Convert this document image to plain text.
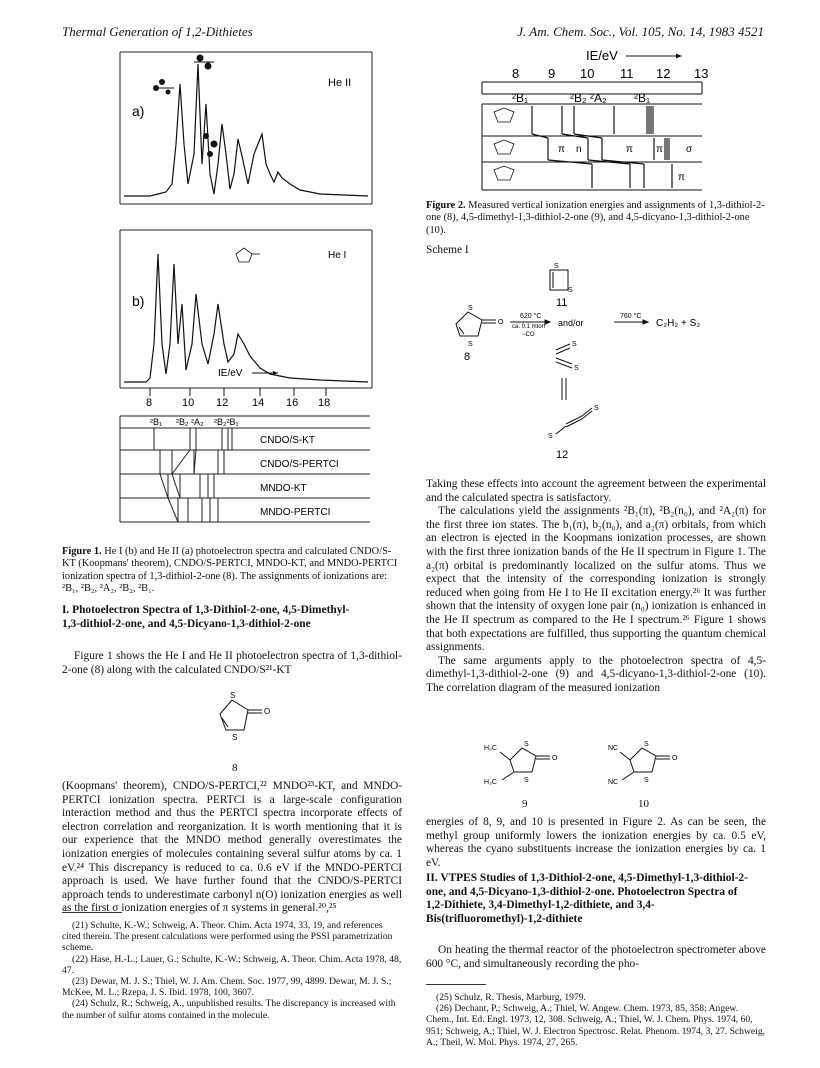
Thermal Generation of 1,2-Dithietes	J. Am. Chem. Soc., Vol. 105, No. 14, 1983 4521
He II
a)
He I
b)
IE/eV
8	10 12 14 16 18
²B₁ ²B₂ ²A₂ ²B₂²B₁
CNDO/S-KT
CNDO/S-PERTCI
MNDO-KT
MNDO-PERTCI
Figure 1. He I (b) and He II (a) photoelectron spectra and calculated CNDO/S-KT (Koopmans' theorem), CNDO/S-PERTCI, MNDO-KT, and MNDO-PERTCI ionization spectra of 1,3-dithiol-2-one (8). The assignments of ionizations are: ²B₁, ²B₂, ²A₂, ²B₂, ²B₁.
I. Photoelectron Spectra of 1,3-Dithiol-2-one, 4,5-Dimethyl-1,3-dithiol-2-one, and 4,5-Dicyano-1,3-dithiol-2-one

Figure 1 shows the He I and He II photoelectron spectra of 1,3-dithiol-2-one (8) along with the calculated CNDO/S²¹-KT

S
S
O
8

(Koopmans' theorem), CNDO/S-PERTCI,²² MNDO²³-KT, and MNDO-PERTCI ionization spectra. PERTCI is a large-scale configuration interaction method and thus the PERTCI spectra incorporate effects of electron correlation and reorganization. It is worth mentioning that it is our experience that the MNDO method generally overestimates the ionization energies of molecules containing several sulfur atoms by ca. 1 eV.²⁴ This discrepancy is reduced to ca. 0.6 eV if the MNDO-PERTCI approach is used. We have further found that the CNDO/S-PERTCI approach tends to underestimate carbonyl n(O) ionization energies as well as the first σ ionization energies of π systems in general.²⁰,²⁵

(21) Schulte, K.-W.; Schweig, A. Theor. Chim. Acta 1974, 33, 19, and references cited therein. The present calculations were performed using the PSSI parametrization scheme.

(22) Hase, H.-L.; Lauer, G.; Schulte, K.-W.; Schweig, A. Theor. Chim. Acta 1978, 48, 47.

(23) Dewar, M. J. S.; Thiel, W. J. Am. Chem. Soc. 1977, 99, 4899. Dewar, M. J. S.; McKee, M. L.; Rzepa, J. S. Ibid. 1978, 100, 3607.

(24) Schulz, R.; Schweig, A., unpublished results. The discrepancy is increased with the number of sulfur atoms contained in the molecule.

IE/eV
8 9 10 11 12 13
²B₁	²B₂ ²A₂ ²B₁
π n	π π σ
π
Figure 2. Measured vertical ionization energies and assignments of 1,3-dithiol-2-one (8), 4,5-dimethyl-1,3-dithiol-2-one (9), and 4,5-dicyano-1,3-dithiol-2-one (10).
Scheme I
S
S
S
S
O
S
S
S
S
11
8
12
620 °C
ca. 0.1 mtorr
−CO
and/or
760 °C
C₂H₂ + S₂

Taking these effects into account the agreement between the experimental and the calculated spectra is satisfactory.

The calculations yield the assignments ²B₁(π), ²B₂(n₀), and ²A₂(π) for the first three ion states. The b₁(π), b₂(n₀), and a₂(π) orbitals, from which an electron is ejected in the Koopmans ionization processes, are shown with the first three ionization bands of the He II spectrum in Figure 1. The a₂(π) orbital is predominantly localized on the sulfur atoms. Thus we expect that the intensity of the corresponding ionization is strongly reduced when going from He I to He II excitation energy.²⁶ It was further shown that the intensity of oxygen lone pair (n₀) ionization is enhanced in the He II spectrum as compared to the He I spectrum.²⁶ Figure 1 shows that both expectations are fulfilled, thus supporting the quantum chemical assignments.

The same arguments apply to the photoelectron spectra of 4,5-dimethyl-1,3-dithiol-2-one (9) and 4,5-dicyano-1,3-dithiol-2-one (10). The correlation diagram of the measured ionization

H₃C
H₃C
S
S
O
NC
NC
S
S
O
9	10

energies of 8, 9, and 10 is presented in Figure 2. As can be seen, the methyl group uniformly lowers the ionization energies by ca. 0.5 eV, whereas the cyano substituents increase the ionization energies by ca. 1 eV.

II. VTPES Studies of 1,3-Dithiol-2-one, 4,5-Dimethyl-1,3-dithiol-2-one, and 4,5-Dicyano-1,3-dithiol-2-one. Photoelectron Spectra of 1,2-Dithiete, 3,4-Dimethyl-1,2-dithiete, and 3,4-Bis(trifluoromethyl)-1,2-dithiete

On heating the thermal reactor of the photoelectron spectrometer above 600 °C, and simultaneously recording the pho-

(25) Schulz, R. Thesis, Marburg, 1979.

(26) Dechant, P.; Schweig, A.; Thiel, W. Angew. Chem. 1973, 85, 358; Angew. Chem., Int. Ed. Engl. 1973, 12, 308. Schweig, A.; Thiel, W. J. Chem. Phys. 1974, 60, 951; Schweig, A.; Thiel, W. J. Electron Spectrosc. Relat. Phenom. 1974, 3, 27. Schweig, A.; Theil, W. Mol. Phys. 1974, 27, 265.
